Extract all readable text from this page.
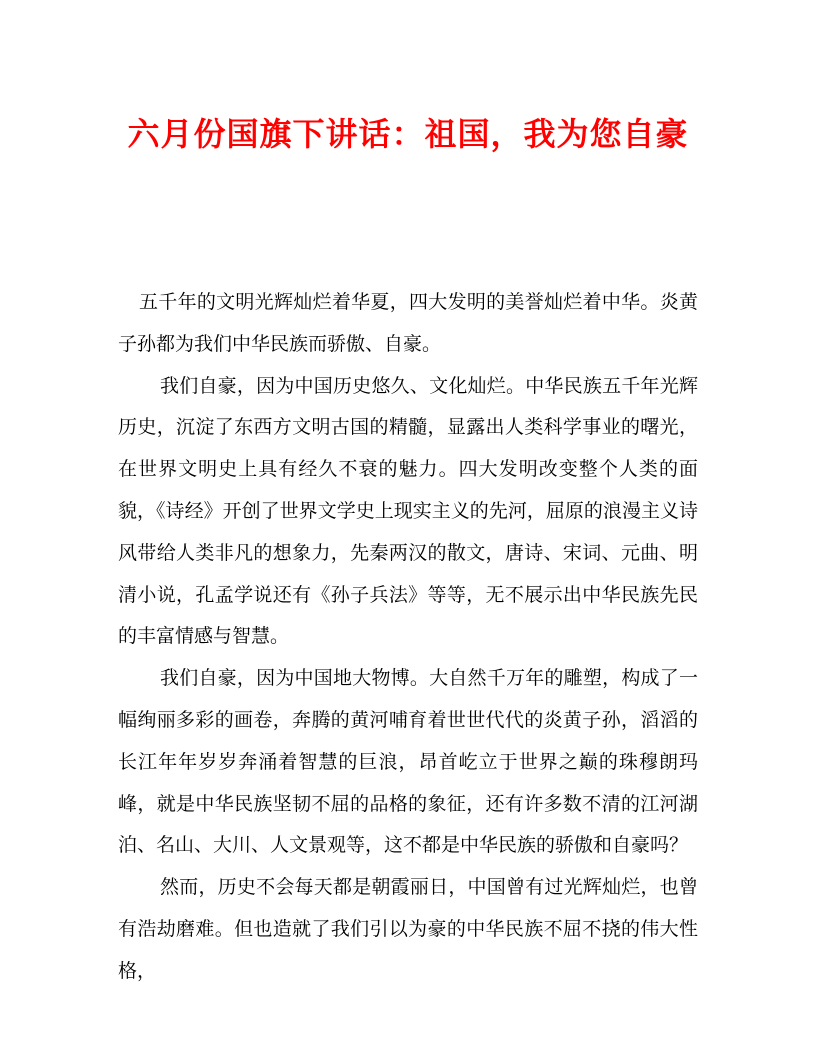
六月份国旗下讲话：祖国，我为您自豪

五千年的文明光辉灿烂着华夏，四大发明的美誉灿烂着中华。炎黄子孙都为我们中华民族而骄傲、自豪。

我们自豪，因为中国历史悠久、文化灿烂。中华民族五千年光辉历史，沉淀了东西方文明古国的精髓，显露出人类科学事业的曙光，在世界文明史上具有经久不衰的魅力。四大发明改变整个人类的面貌，《诗经》开创了世界文学史上现实主义的先河，屈原的浪漫主义诗风带给人类非凡的想象力，先秦两汉的散文，唐诗、宋词、元曲、明清小说，孔孟学说还有《孙子兵法》等等，无不展示出中华民族先民的丰富情感与智慧。

我们自豪，因为中国地大物博。大自然千万年的雕塑，构成了一幅绚丽多彩的画卷，奔腾的黄河哺育着世世代代的炎黄子孙，滔滔的长江年年岁岁奔涌着智慧的巨浪，昂首屹立于世界之巅的珠穆朗玛峰，就是中华民族坚韧不屈的品格的象征，还有许多数不清的江河湖泊、名山、大川、人文景观等，这不都是中华民族的骄傲和自豪吗？

然而，历史不会每天都是朝霞丽日，中国曾有过光辉灿烂，也曾有浩劫磨难。但也造就了我们引以为豪的中华民族不屈不挠的伟大性格，
